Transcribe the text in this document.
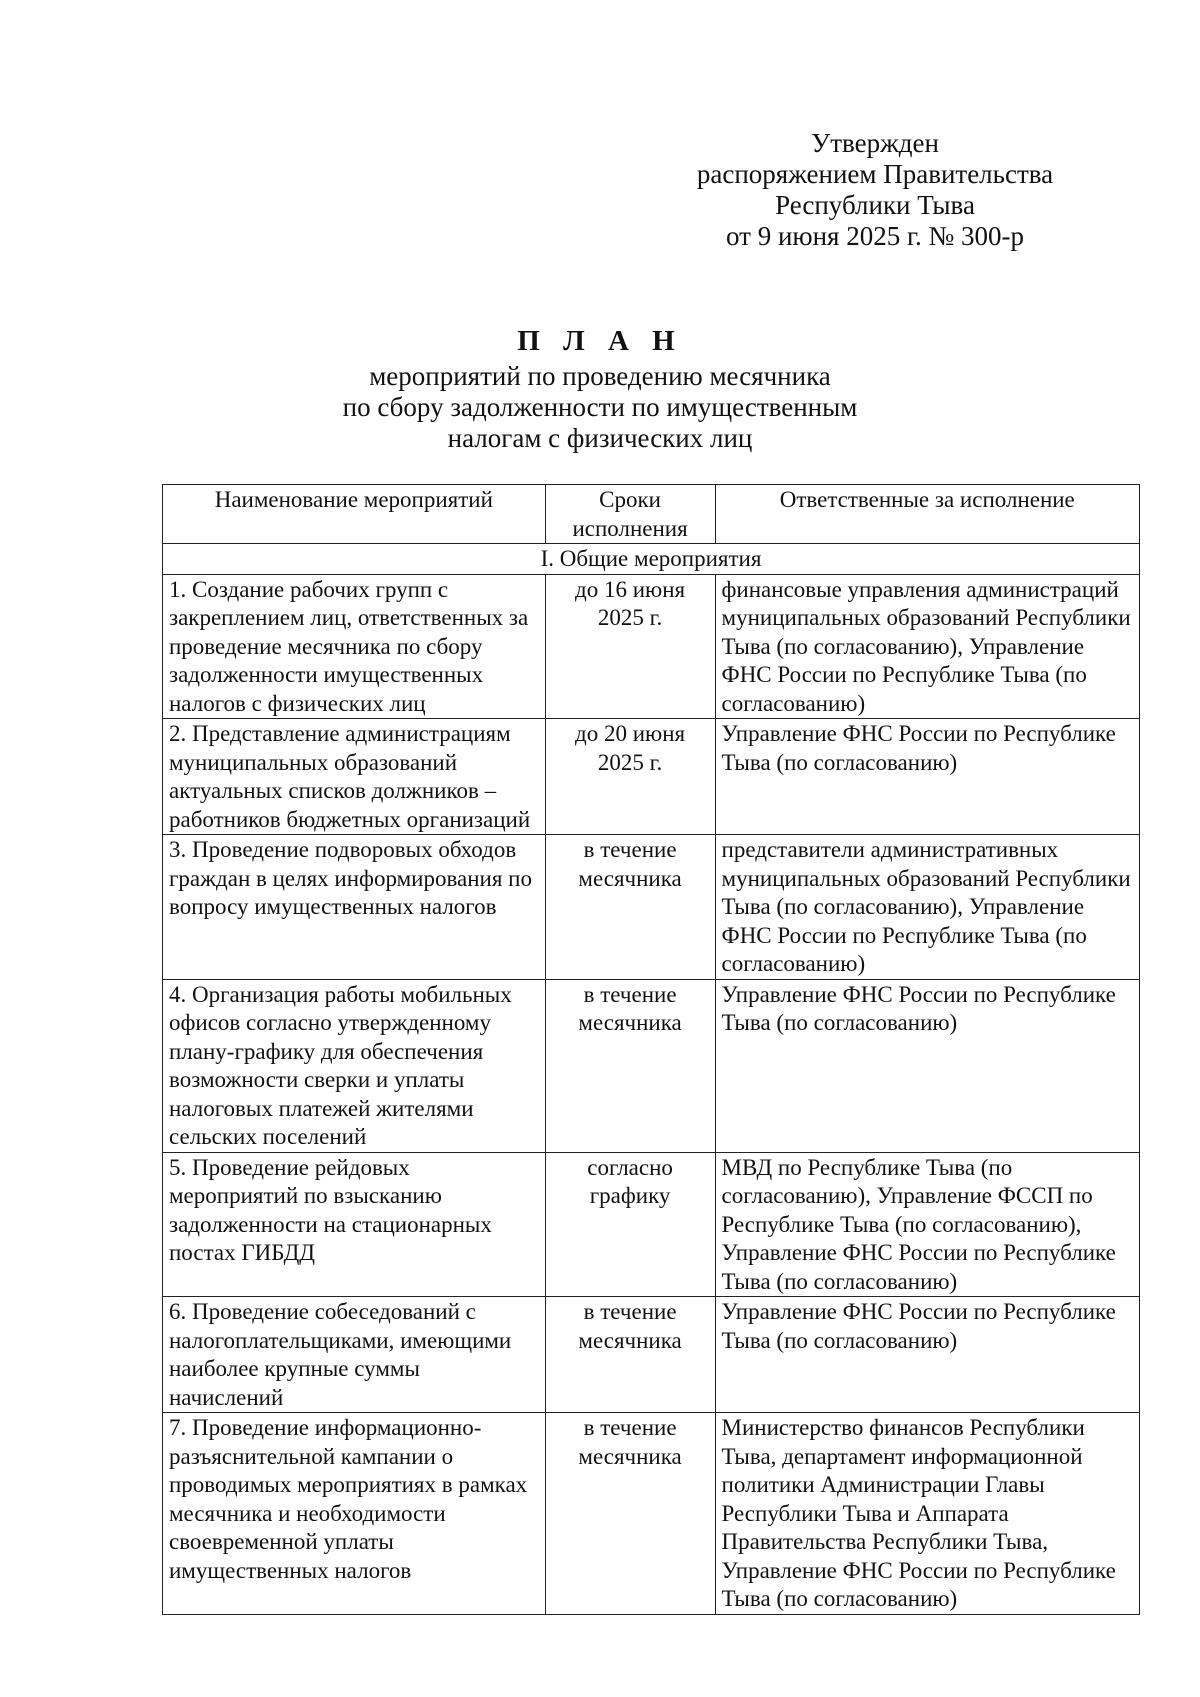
Утвержден
распоряжением Правительства
Республики Тыва
от 9 июня 2025 г. № 300-р
П Л А Н
мероприятий по проведению месячника
по сбору задолженности по имущественным
налогам с физических лиц
Наименование мероприятий	Сроки исполнения	Ответственные за исполнение
I. Общие мероприятия		
1. Создание рабочих групп с закреплением лиц, ответственных за проведение месячника по сбору задолженности имущественных налогов с физических лиц	до 16 июня 2025 г.	финансовые управления администраций муниципальных образований Республики Тыва (по согласованию), Управление ФНС России по Республике Тыва (по согласованию)
2. Представление администрациям муниципальных образований актуальных списков должников – работников бюджетных организаций	до 20 июня 2025 г.	Управление ФНС России по Республике Тыва (по согласованию)
3. Проведение подворовых обходов граждан в целях информирования по вопросу имущественных налогов	в течение месячника	представители административных муниципальных образований Республики Тыва (по согласованию), Управление ФНС России по Республике Тыва (по согласованию)
4. Организация работы мобильных офисов согласно утвержденному плану-графику для обеспечения возможности сверки и уплаты налоговых платежей жителями сельских поселений	в течение месячника	Управление ФНС России по Республике Тыва (по согласованию)
5. Проведение рейдовых мероприятий по взысканию задолженности на стационарных постах ГИБДД	согласно графику	МВД по Республике Тыва (по согласованию), Управление ФССП по Республике Тыва (по согласованию), Управление ФНС России по Республике Тыва (по согласованию)
6. Проведение собеседований с налогоплательщиками, имеющими наиболее крупные суммы начислений	в течение месячника	Управление ФНС России по Республике Тыва (по согласованию)
7. Проведение информационно-разъяснительной кампании о проводимых мероприятиях в рамках месячника и необходимости своевременной уплаты имущественных налогов	в течение месячника	Министерство финансов Республики Тыва, департамент информационной политики Администрации Главы Республики Тыва и Аппарата Правительства Республики Тыва, Управление ФНС России по Республике Тыва (по согласованию)
